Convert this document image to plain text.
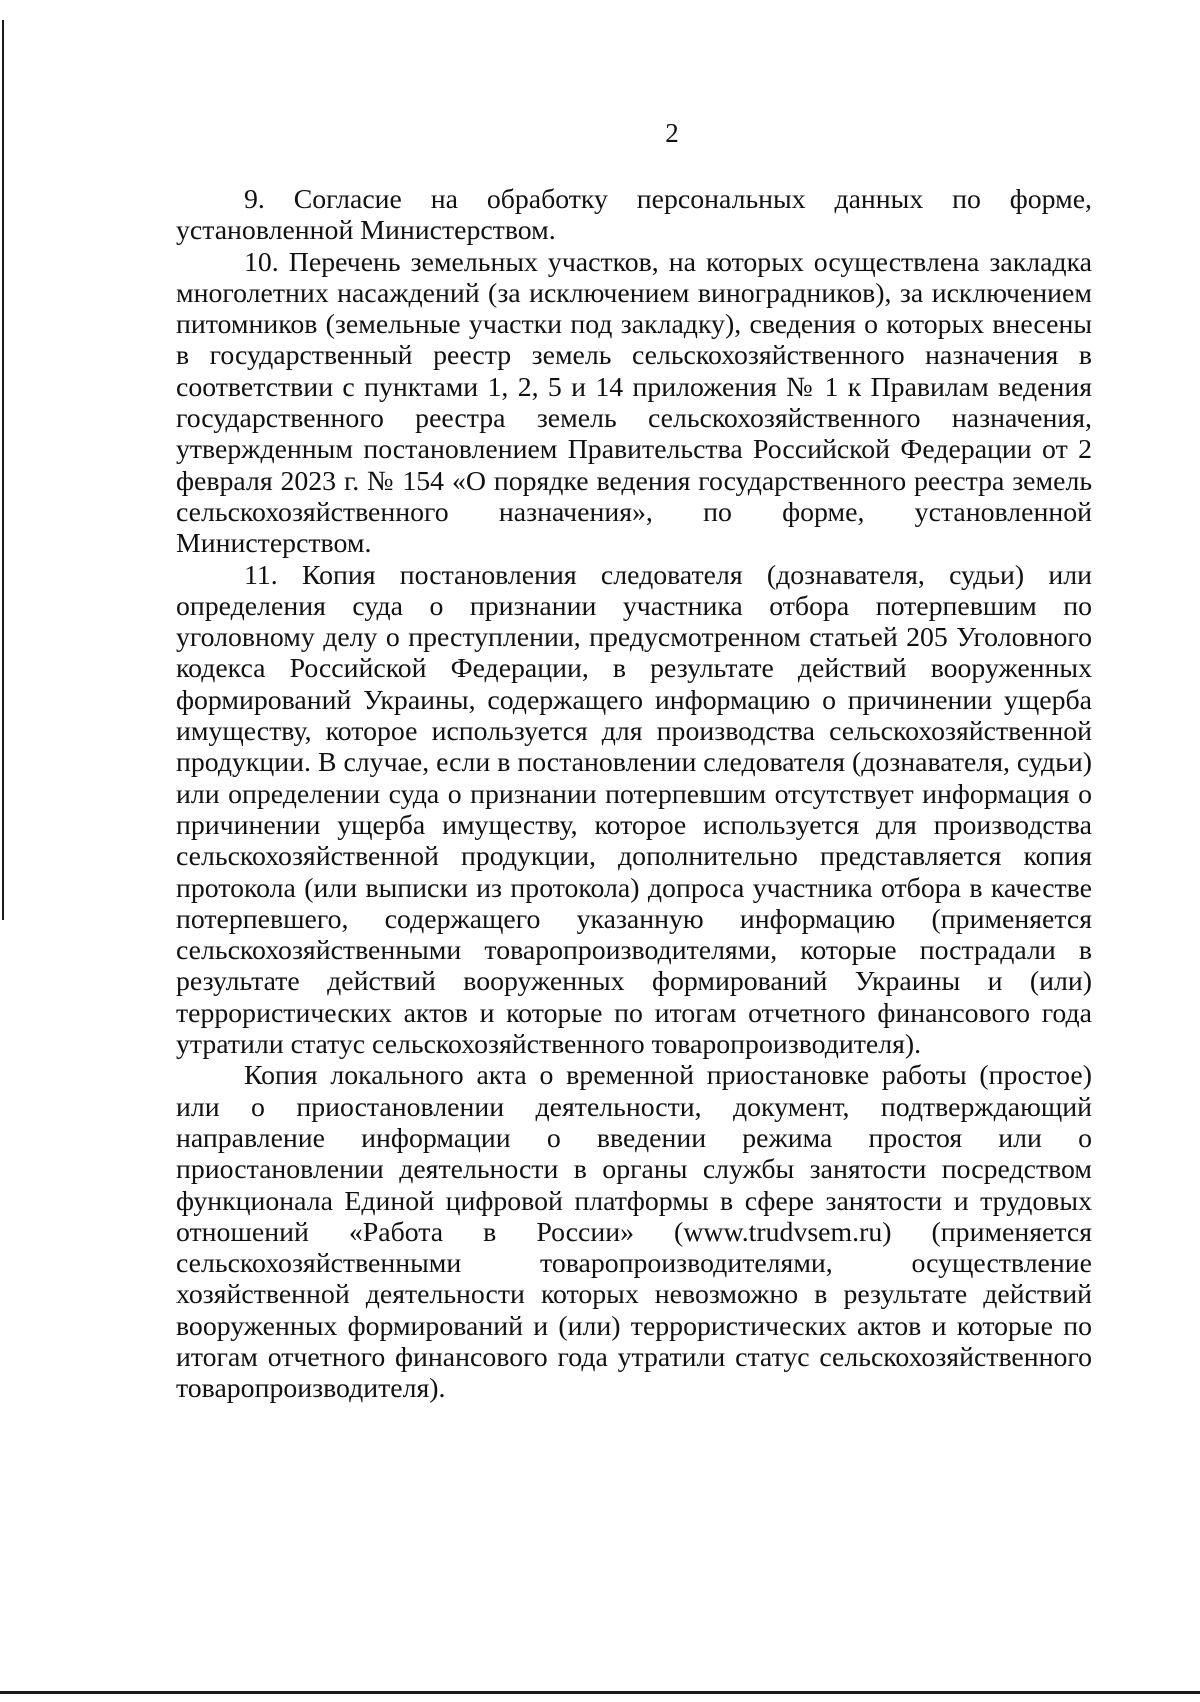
2

9. Согласие на обработку персональных данных по форме, установленной Министерством.

10. Перечень земельных участков, на которых осуществлена закладка многолетних насаждений (за исключением виноградников), за исключением питомников (земельные участки под закладку), сведения о которых внесены в государственный реестр земель сельскохозяйственного назначения в соответствии с пунктами 1, 2, 5 и 14 приложения № 1 к Правилам ведения государственного реестра земель сельскохозяйственного назначения, утвержденным постановлением Правительства Российской Федерации от 2 февраля 2023 г. № 154 «О порядке ведения государственного реестра земель сельскохозяйственного назначения», по форме, установленной Министерством.

11. Копия постановления следователя (дознавателя, судьи) или определения суда о признании участника отбора потерпевшим по уголовному делу о преступлении, предусмотренном статьей 205 Уголовного кодекса Российской Федерации, в результате действий вооруженных формирований Украины, содержащего информацию о причинении ущерба имуществу, которое используется для производства сельскохозяйственной продукции. В случае, если в постановлении следователя (дознавателя, судьи) или определении суда о признании потерпевшим отсутствует информация о причинении ущерба имуществу, которое используется для производства сельскохозяйственной продукции, дополнительно представляется копия протокола (или выписки из протокола) допроса участника отбора в качестве потерпевшего, содержащего указанную информацию (применяется сельскохозяйственными товаропроизводителями, которые пострадали в результате действий вооруженных формирований Украины и (или) террористических актов и которые по итогам отчетного финансового года утратили статус сельскохозяйственного товаропроизводителя).

Копия локального акта о временной приостановке работы (простое) или о приостановлении деятельности, документ, подтверждающий направление информации о введении режима простоя или о приостановлении деятельности в органы службы занятости посредством функционала Единой цифровой платформы в сфере занятости и трудовых отношений «Работа в России» (www.trudvsem.ru) (применяется сельскохозяйственными товаропроизводителями, осуществление хозяйственной деятельности которых невозможно в результате действий вооруженных формирований и (или) террористических актов и которые по итогам отчетного финансового года утратили статус сельскохозяйственного товаропроизводителя).
